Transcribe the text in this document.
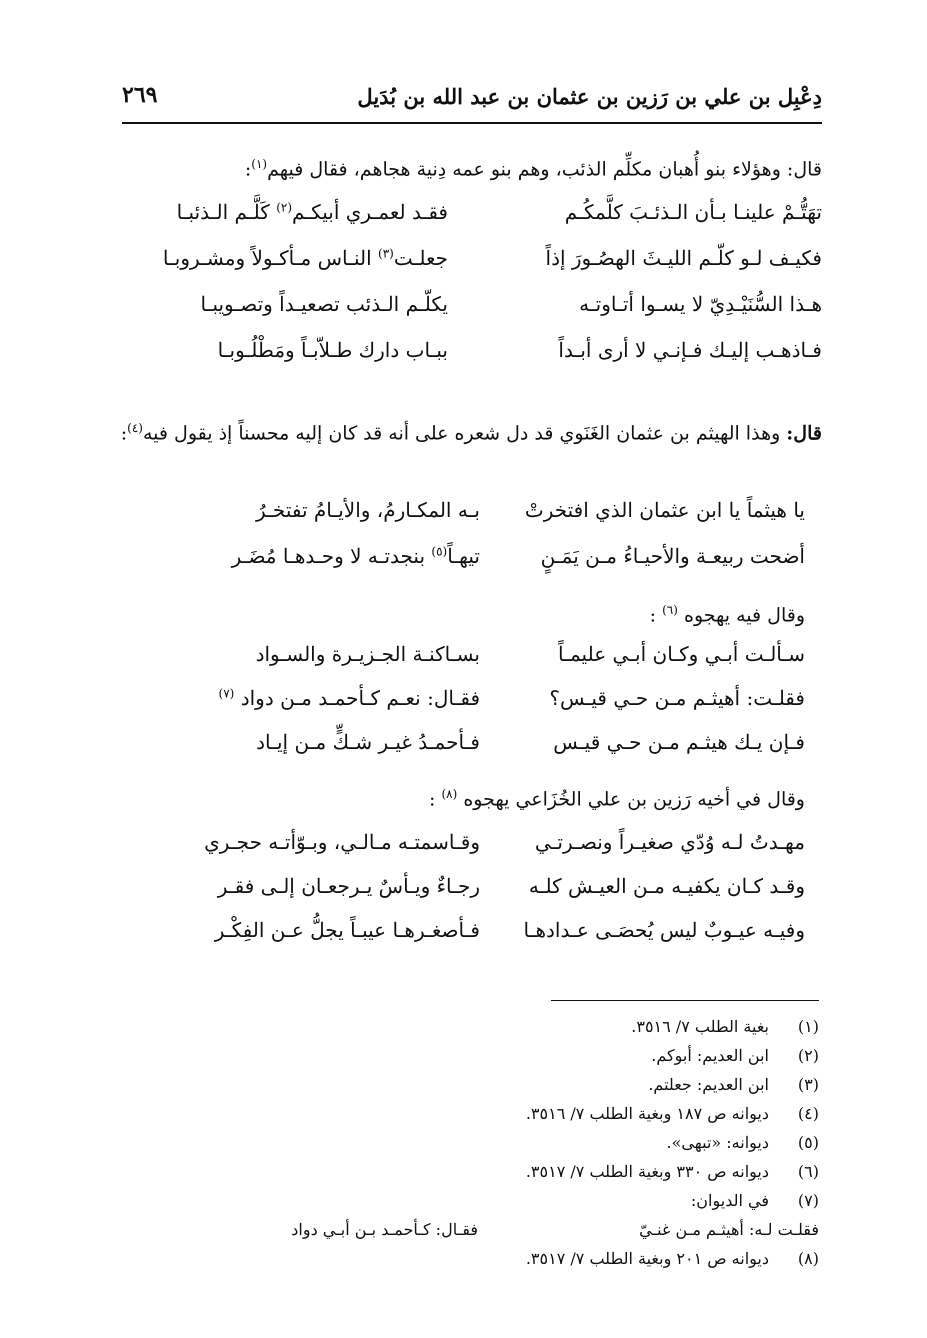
دِعْبِل بن علي بن رَزين بن عثمان بن عبد الله بن بُدَيل
٢٦٩
قال: وهؤلاء بنو أُهبان مكلِّم الذئب، وهم بنو عمه دِنية هجاهم، فقال فيهم$^{(١)}$:
تهَتُّـمْ علينـا بـأن الـذئـبَ كلَّمكُـم
فقـد لعمـري أبيكـم$^{(٢)}$ كَلَّـم الـذئبـا
فكيـف لـو كلّـم الليـثَ الهصُـورَ إذاً
جعلـت$^{(٣)}$ النـاس مـأكـولاً ومشـروبـا
هـذا السُّنَيْـدِيّ لا يسـوا أتـاوتـه
يكلّـم الـذئب تصعيـداً وتصـويبـا
فـاذهـب إليـك فـإنـي لا أرى أبـداً
ببـاب دارك طـلاّبـاً ومَطْلُـوبـا
قال: وهذا الهيثم بن عثمان الغَنَوي قد دل شعره على أنه قد كان إليه محسناً إذ يقول فيه$^{(٤)}$:
يا هيثماً يا ابن عثمان الذي افتخرتْ
بـه المكـارمُ، والأيـامُ تفتخـرُ
أضحت ربيعـة والأحيـاءُ مـن يَمَـنٍ
تيهـاً$^{(٥)}$ بنجدتـه لا وحـدهـا مُضَـر
وقال فيه يهجوه $^{(٦)}$ :
سـألـت أبـي وكـان أبـي عليمـاً
بسـاكنـة الجـزيـرة والسـواد
فقلـت: أهيثـم مـن حـي قيـس؟
فقـال: نعـم كـأحمـد مـن دواد $^{(٧)}$
فـإن يـك هيثـم مـن حـي قيـس
فـأحمـدُ غيـر شـكٍّ مـن إيـاد
وقال في أخيه رَزين بن علي الخُزَاعي يهجوه $^{(٨)}$ :
مهـدتُ لـه وُدّي صغيـراً ونصـرتـي
وقـاسمتـه مـالـي، وبـوّأتـه حجـري
وقـد كـان يكفيـه مـن العيـش كلـه
رجـاءٌ ويـأسٌ يـرجعـان إلـى فقـر
وفيـه عيـوبٌ ليس يُحصَـى عـدادهـا
فـأصغـرهـا عيبـاً يجلُّ عـن الفِكْـر
(١)بغية الطلب ٧/ ٣٥١٦.
(٢)ابن العديم: أبوكم.
(٣)ابن العديم: جعلتم.
(٤)ديوانه ص ١٨٧ وبغية الطلب ٧/ ٣٥١٦.
(٥)ديوانه: «تبهى».
(٦)ديوانه ص ٣٣٠ وبغية الطلب ٧/ ٣٥١٧.
(٧)في الديوان:
فقلـت لـه: أهيثـم مـن غنـيّ
فقـال: كـأحمـد بـن أبـي دواد
(٨)ديوانه ص ٢٠١ وبغية الطلب ٧/ ٣٥١٧.
